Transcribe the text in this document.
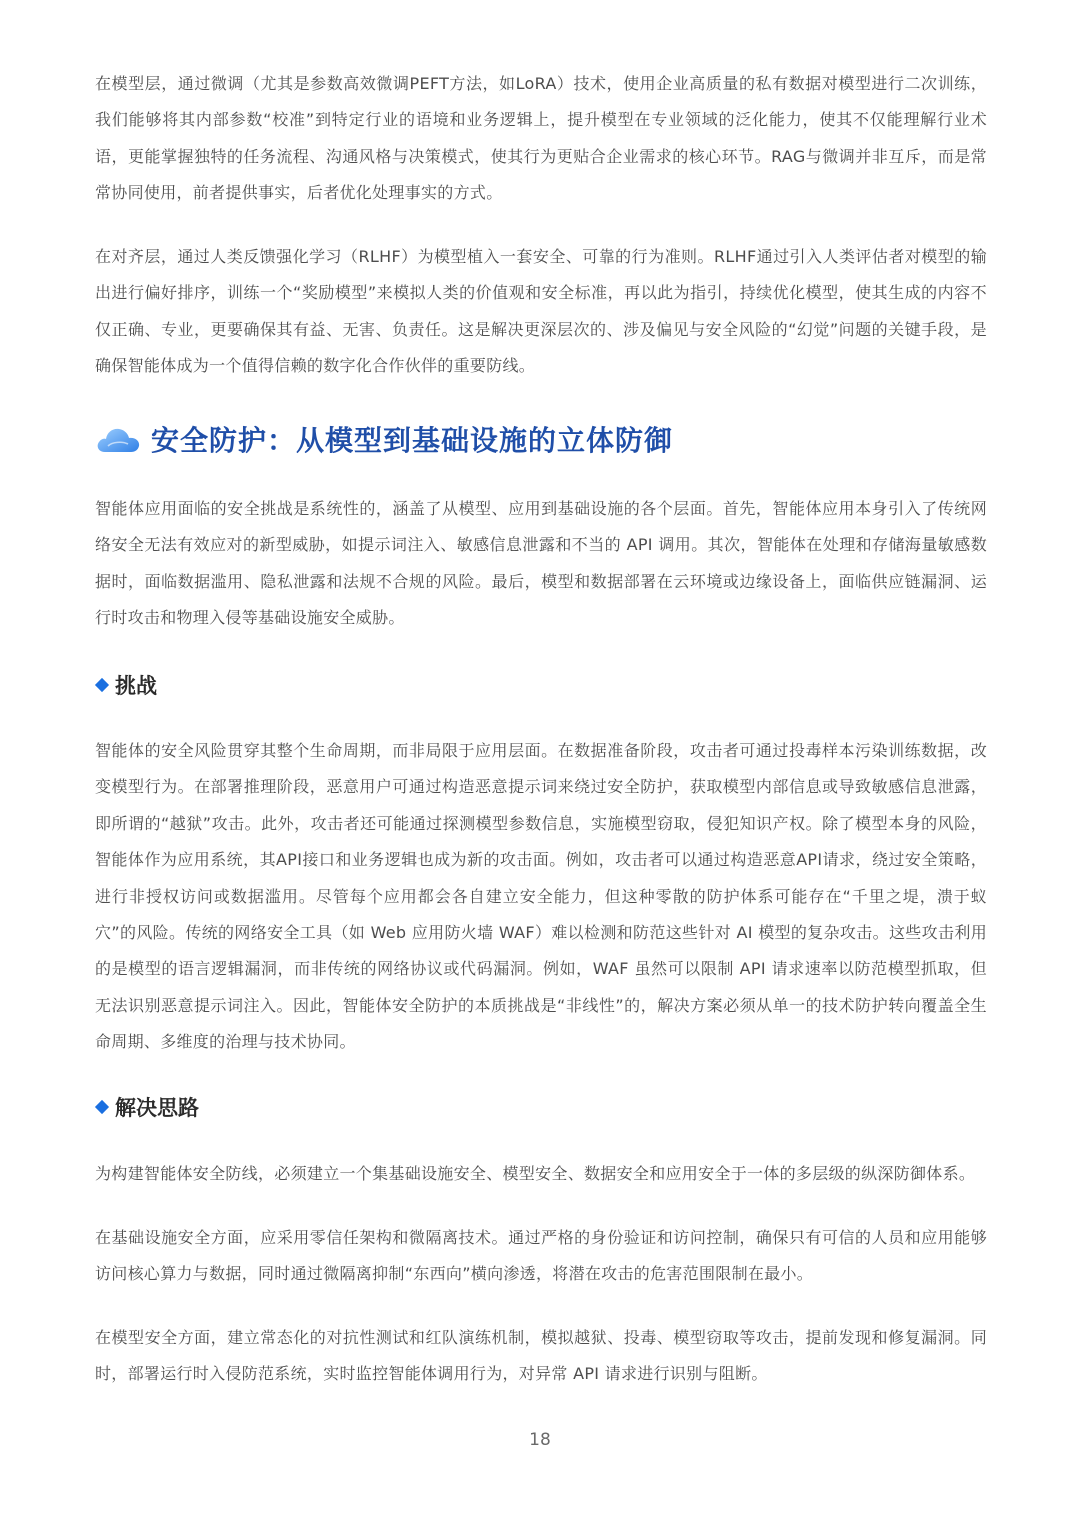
在模型层，通过微调（尤其是参数高效微调PEFT方法，如LoRA）技术，使用企业高质量的私有数据对模型进行二次训练，我们能够将其内部参数“校准”到特定行业的语境和业务逻辑上，提升模型在专业领域的泛化能力，使其不仅能理解行业术语，更能掌握独特的任务流程、沟通风格与决策模式，使其行为更贴合企业需求的核心环节。RAG与微调并非互斥，而是常常协同使用，前者提供事实，后者优化处理事实的方式。

在对齐层，通过人类反馈强化学习（RLHF）为模型植入一套安全、可靠的行为准则。RLHF通过引入人类评估者对模型的输出进行偏好排序，训练一个“奖励模型”来模拟人类的价值观和安全标准，再以此为指引，持续优化模型，使其生成的内容不仅正确、专业，更要确保其有益、无害、负责任。这是解决更深层次的、涉及偏见与安全风险的“幻觉”问题的关键手段，是确保智能体成为一个值得信赖的数字化合作伙伴的重要防线。

安全防护：从模型到基础设施的立体防御

智能体应用面临的安全挑战是系统性的，涵盖了从模型、应用到基础设施的各个层面。首先，智能体应用本身引入了传统网络安全无法有效应对的新型威胁，如提示词注入、敏感信息泄露和不当的 API 调用。其次，智能体在处理和存储海量敏感数据时，面临数据滥用、隐私泄露和法规不合规的风险。最后，模型和数据部署在云环境或边缘设备上，面临供应链漏洞、运行时攻击和物理入侵等基础设施安全威胁。

挑战

智能体的安全风险贯穿其整个生命周期，而非局限于应用层面。在数据准备阶段，攻击者可通过投毒样本污染训练数据，改变模型行为。在部署推理阶段，恶意用户可通过构造恶意提示词来绕过安全防护，获取模型内部信息或导致敏感信息泄露，即所谓的“越狱”攻击。此外，攻击者还可能通过探测模型参数信息，实施模型窃取，侵犯知识产权。除了模型本身的风险，智能体作为应用系统，其API接口和业务逻辑也成为新的攻击面。例如，攻击者可以通过构造恶意API请求，绕过安全策略，进行非授权访问或数据滥用。尽管每个应用都会各自建立安全能力，但这种零散的防护体系可能存在“千里之堤，溃于蚁穴”的风险。传统的网络安全工具（如 Web 应用防火墙 WAF）难以检测和防范这些针对 AI 模型的复杂攻击。这些攻击利用的是模型的语言逻辑漏洞，而非传统的网络协议或代码漏洞。例如，WAF 虽然可以限制 API 请求速率以防范模型抓取，但无法识别恶意提示词注入。因此，智能体安全防护的本质挑战是“非线性”的，解决方案必须从单一的技术防护转向覆盖全生命周期、多维度的治理与技术协同。

解决思路

为构建智能体安全防线，必须建立一个集基础设施安全、模型安全、数据安全和应用安全于一体的多层级的纵深防御体系。

在基础设施安全方面，应采用零信任架构和微隔离技术。通过严格的身份验证和访问控制，确保只有可信的人员和应用能够访问核心算力与数据，同时通过微隔离抑制“东西向”横向渗透，将潜在攻击的危害范围限制在最小。

在模型安全方面，建立常态化的对抗性测试和红队演练机制，模拟越狱、投毒、模型窃取等攻击，提前发现和修复漏洞。同时，部署运行时入侵防范系统，实时监控智能体调用行为，对异常 API 请求进行识别与阻断。

18
